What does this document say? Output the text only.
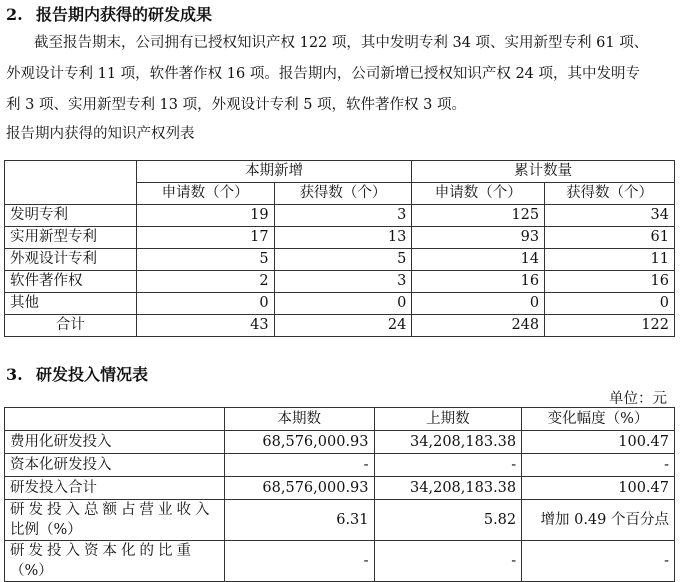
2. 报告期内获得的研发成果

截至报告期末，公司拥有已授权知识产权 122 项，其中发明专利 34 项、实用新型专利 61 项、

外观设计专利 11 项，软件著作权 16 项。报告期内，公司新增已授权知识产权 24 项，其中发明专

利 3 项、实用新型专利 13 项，外观设计专利 5 项，软件著作权 3 项。

报告期内获得的知识产权列表
	本期新增		累计数量	
	申请数（个）	获得数（个）	申请数（个）	获得数（个）
发明专利	19	3	125	34
实用新型专利	17	13	93	61
外观设计专利	5	5	14	11
软件著作权	2	3	16	16
其他	0	0	0	0
合计	43	24	248	122
3. 研发投入情况表
单位：元
	本期数	上期数	变化幅度（%）
费用化研发投入	68,576,000.93	34,208,183.38	100.47
资本化研发投入	-	-	-
研发投入合计	68,576,000.93	34,208,183.38	100.47

研发投入总额占营业收入
比例（%）	6.31	5.82	增加 0.49 个百分点

研发投入资本化的比重
（%）	-	-	-
